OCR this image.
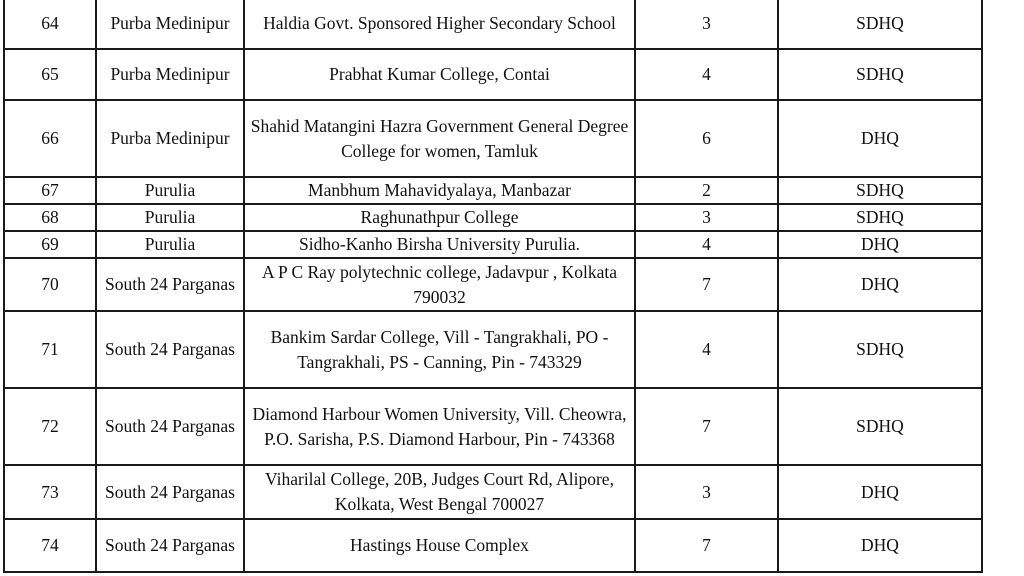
64	Purba Medinipur	Haldia Govt. Sponsored Higher Secondary School	3	SDHQ
65	Purba Medinipur	Prabhat Kumar College, Contai	4	SDHQ
66	Purba Medinipur	Shahid Matangini Hazra Government General Degree College for women, Tamluk	6	DHQ
67	Purulia	Manbhum Mahavidyalaya, Manbazar	2	SDHQ
68	Purulia	Raghunathpur College	3	SDHQ
69	Purulia	Sidho-Kanho Birsha University Purulia.	4	DHQ
70	South 24 Parganas	A P C Ray polytechnic college, Jadavpur , Kolkata 790032	7	DHQ
71	South 24 Parganas	Bankim Sardar College, Vill - Tangrakhali, PO - Tangrakhali, PS - Canning, Pin - 743329	4	SDHQ
72	South 24 Parganas	Diamond Harbour Women University, Vill. Cheowra, P.O. Sarisha, P.S. Diamond Harbour, Pin - 743368	7	SDHQ
73	South 24 Parganas	Viharilal College, 20B, Judges Court Rd, Alipore, Kolkata, West Bengal 700027	3	DHQ
74	South 24 Parganas	Hastings House Complex	7	DHQ
